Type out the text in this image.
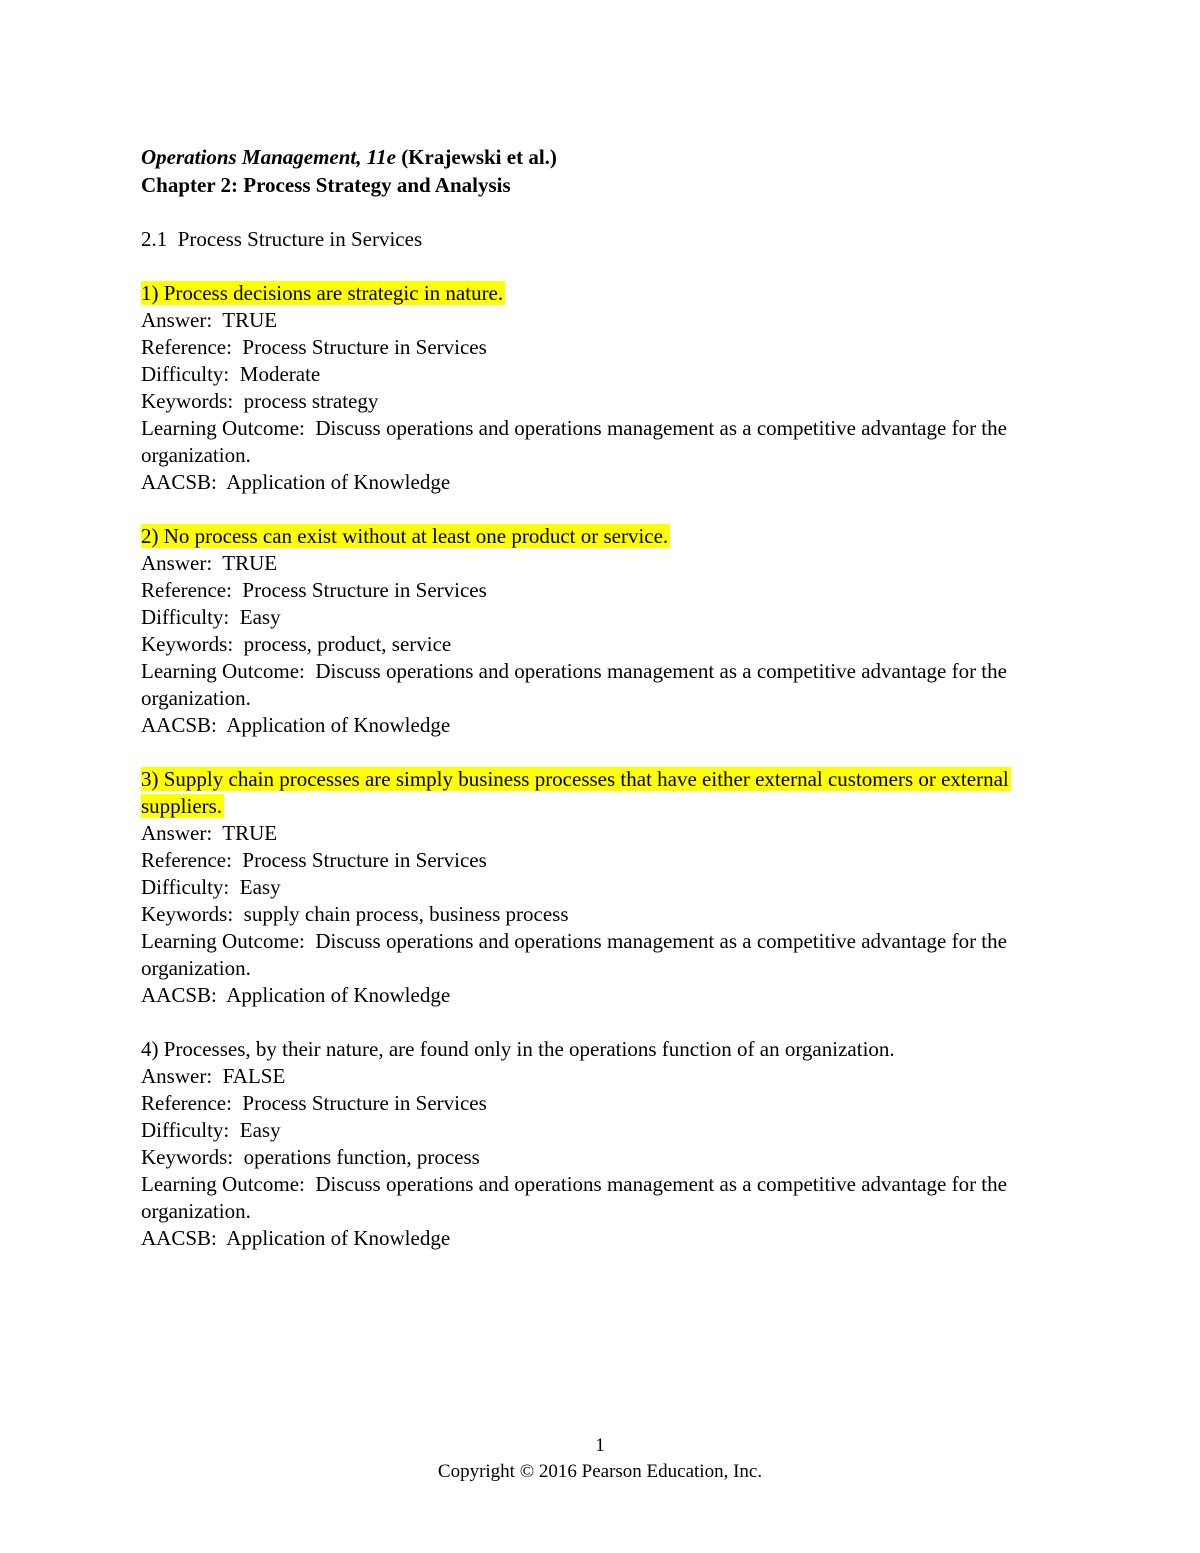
Operations Management, 11e (Krajewski et al.)
Chapter 2: Process Strategy and Analysis
2.1  Process Structure in Services
1) Process decisions are strategic in nature.
Answer:  TRUE
Reference:  Process Structure in Services
Difficulty:  Moderate
Keywords:  process strategy
Learning Outcome:  Discuss operations and operations management as a competitive advantage for the organization.
AACSB:  Application of Knowledge
2) No process can exist without at least one product or service.
Answer:  TRUE
Reference:  Process Structure in Services
Difficulty:  Easy
Keywords:  process, product, service
Learning Outcome:  Discuss operations and operations management as a competitive advantage for the organization.
AACSB:  Application of Knowledge
3) Supply chain processes are simply business processes that have either external customers or external suppliers.
Answer:  TRUE
Reference:  Process Structure in Services
Difficulty:  Easy
Keywords:  supply chain process, business process
Learning Outcome:  Discuss operations and operations management as a competitive advantage for the organization.
AACSB:  Application of Knowledge
4) Processes, by their nature, are found only in the operations function of an organization.
Answer:  FALSE
Reference:  Process Structure in Services
Difficulty:  Easy
Keywords:  operations function, process
Learning Outcome:  Discuss operations and operations management as a competitive advantage for the organization.
AACSB:  Application of Knowledge
1
Copyright © 2016 Pearson Education, Inc.
